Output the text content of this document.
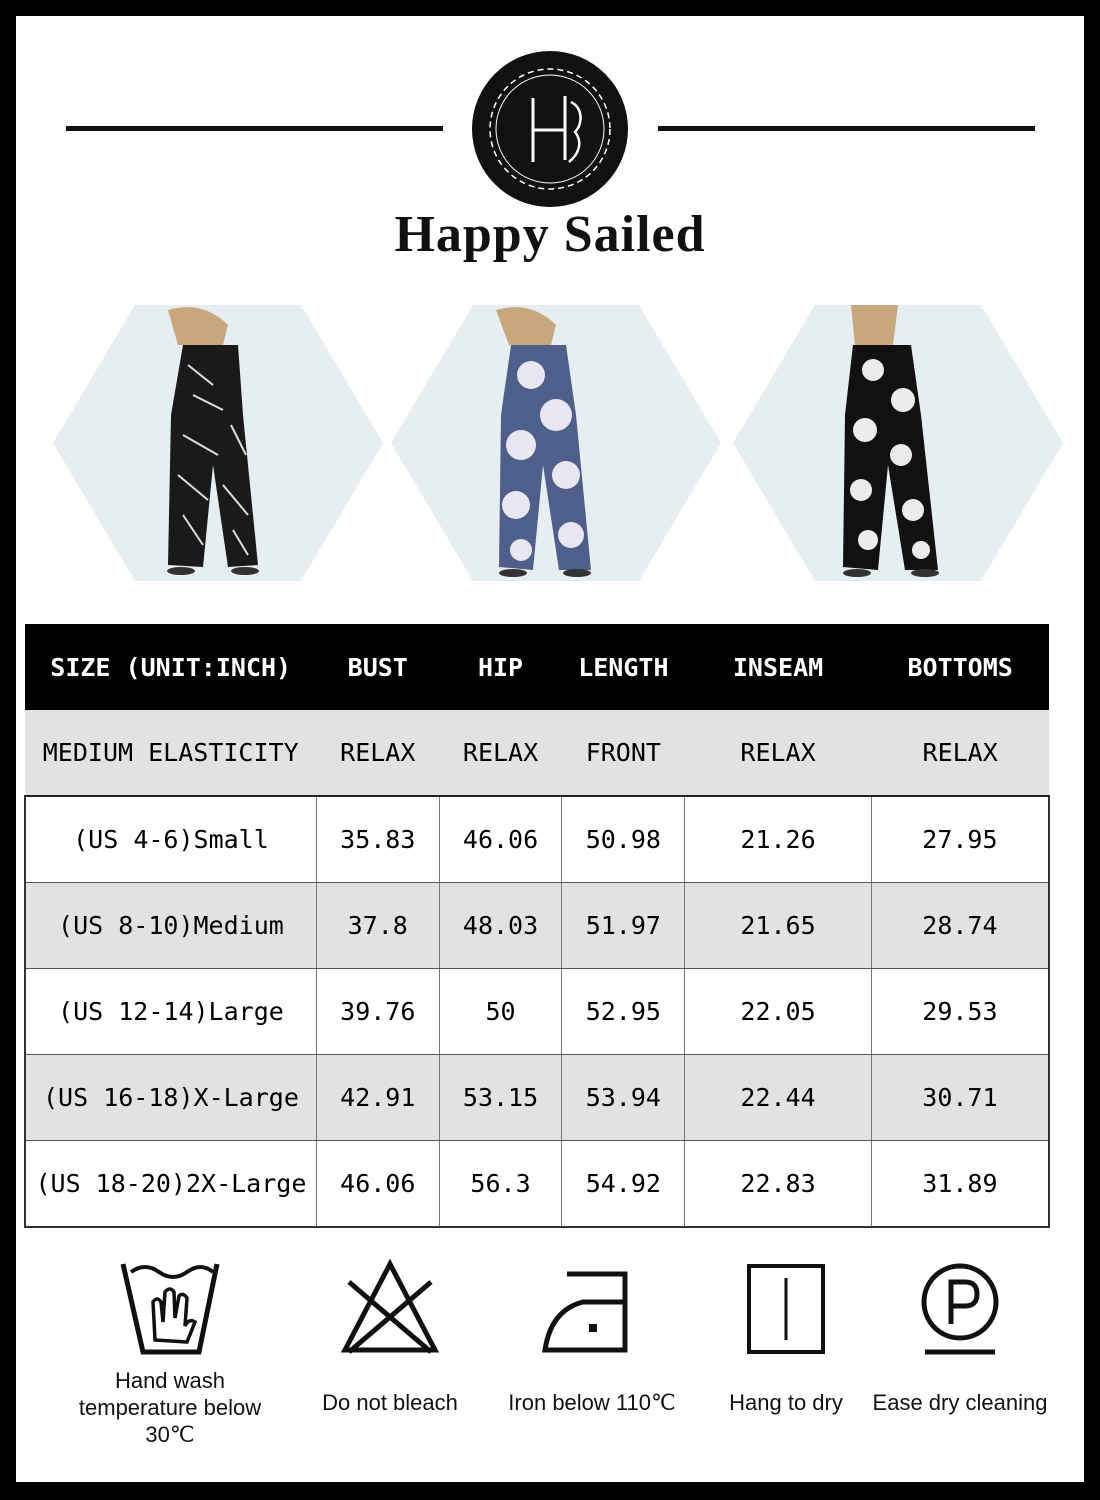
Happy Sailed
SIZE (UNIT:INCH)	BUST	HIP	LENGTH	INSEAM	BOTTOMS
MEDIUM ELASTICITY	RELAX	RELAX	FRONT	RELAX	RELAX
(US 4-6)Small	35.83	46.06	50.98	21.26	27.95
(US 8-10)Medium	37.8	48.03	51.97	21.65	28.74
(US 12-14)Large	39.76	50	52.95	22.05	29.53
(US 16-18)X-Large	42.91	53.15	53.94	22.44	30.71
(US 18-20)2X-Large	46.06	56.3	54.92	22.83	31.89
Hand wash
temperature below 30℃
Do not bleach	Iron below 110℃	Hang to dry	Ease dry cleaning
